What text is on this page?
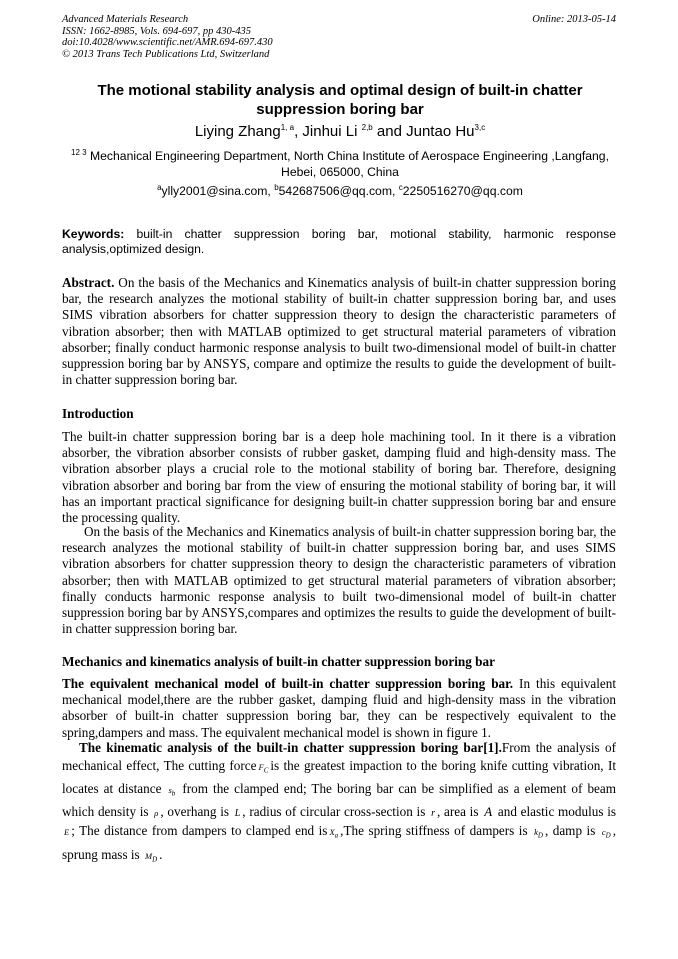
Advanced Materials Research
ISSN: 1662-8985, Vols. 694-697, pp 430-435
doi:10.4028/www.scientific.net/AMR.694-697.430
© 2013 Trans Tech Publications Ltd, Switzerland
Online: 2013-05-14
The motional stability analysis and optimal design of built-in chatter suppression boring bar
Liying Zhang$^{1, a}$, Jinhui Li $^{2,b}$ and Juntao Hu$^{3,c}$
$^{12 3}$ Mechanical Engineering Department, North China Institute of Aerospace Engineering ,Langfang, Hebei, 065000, China
$^a$ylly2001@sina.com, $^b$542687506@qq.com, $^c$2250516270@qq.com
Keywords: built-in chatter suppression boring bar, motional stability, harmonic response analysis,optimized design.
Abstract. On the basis of the Mechanics and Kinematics analysis of built-in chatter suppression boring bar, the research analyzes the motional stability of built-in chatter suppression boring bar, and uses SIMS vibration absorbers for chatter suppression theory to design the characteristic parameters of vibration absorber; then with MATLAB optimized to get structural material parameters of vibration absorber; finally conduct harmonic response analysis to built two-dimensional model of built-in chatter suppression boring bar by ANSYS, compare and optimize the results to guide the development of built-in chatter suppression boring bar.
Introduction
The built-in chatter suppression boring bar is a deep hole machining tool. In it there is a vibration absorber, the vibration absorber consists of rubber gasket, damping fluid and high-density mass. The vibration absorber plays a crucial role to the motional stability of boring bar. Therefore, designing vibration absorber and boring bar from the view of ensuring the motional stability of boring bar, it will has an important practical significance for designing built-in chatter suppression boring bar and ensure the processing quality.
On the basis of the Mechanics and Kinematics analysis of built-in chatter suppression boring bar, the research analyzes the motional stability of built-in chatter suppression boring bar, and uses SIMS vibration absorbers for chatter suppression theory to design the characteristic parameters of vibration absorber; then with MATLAB optimized to get structural material parameters of vibration absorber; finally conducts harmonic response analysis to built two-dimensional model of built-in chatter suppression boring bar by ANSYS,compares and optimizes the results to guide the development of built-in chatter suppression boring bar.
Mechanics and kinematics analysis of built-in chatter suppression boring bar
The equivalent mechanical model of built-in chatter suppression boring bar. In this equivalent mechanical model,there are the rubber gasket, damping fluid and high-density mass in the vibration absorber of built-in chatter suppression boring bar, they can be respectively equivalent to the spring,dampers and mass. The equivalent mechanical model is shown in figure 1.
The kinematic analysis of the built-in chatter suppression boring bar[1].From the analysis of mechanical effect, The cutting force $F_C$ is the greatest impaction to the boring knife cutting vibration, It locates at distance $s_b$ from the clamped end; The boring bar can be simplified as a element of beam which density is ρ , overhang is L , radius of circular cross-section is r , area is A and elastic modulus is E ; The distance from dampers to clamped end is $X_a$ ,The spring stiffness of dampers is $k_D$ , damp is $c_D$ , sprung mass is $M_D$ .
